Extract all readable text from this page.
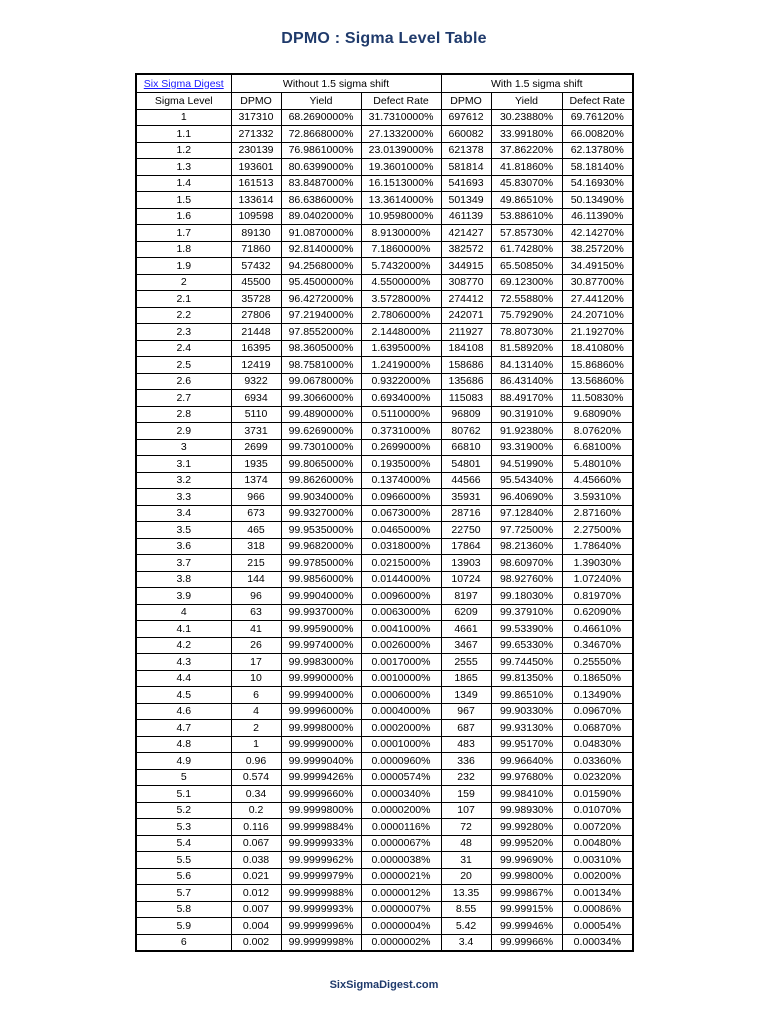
DPMO : Sigma Level Table
Six Sigma Digest	Without 1.5 sigma shift			With 1.5 sigma shift		
Sigma Level	DPMO	Yield	Defect Rate	DPMO	Yield	Defect Rate
1	317310	68.2690000%	31.7310000%	697612	30.23880%	69.76120%
1.1	271332	72.8668000%	27.1332000%	660082	33.99180%	66.00820%
1.2	230139	76.9861000%	23.0139000%	621378	37.86220%	62.13780%
1.3	193601	80.6399000%	19.3601000%	581814	41.81860%	58.18140%
1.4	161513	83.8487000%	16.1513000%	541693	45.83070%	54.16930%
1.5	133614	86.6386000%	13.3614000%	501349	49.86510%	50.13490%
1.6	109598	89.0402000%	10.9598000%	461139	53.88610%	46.11390%
1.7	89130	91.0870000%	8.9130000%	421427	57.85730%	42.14270%
1.8	71860	92.8140000%	7.1860000%	382572	61.74280%	38.25720%
1.9	57432	94.2568000%	5.7432000%	344915	65.50850%	34.49150%
2	45500	95.4500000%	4.5500000%	308770	69.12300%	30.87700%
2.1	35728	96.4272000%	3.5728000%	274412	72.55880%	27.44120%
2.2	27806	97.2194000%	2.7806000%	242071	75.79290%	24.20710%
2.3	21448	97.8552000%	2.1448000%	211927	78.80730%	21.19270%
2.4	16395	98.3605000%	1.6395000%	184108	81.58920%	18.41080%
2.5	12419	98.7581000%	1.2419000%	158686	84.13140%	15.86860%
2.6	9322	99.0678000%	0.9322000%	135686	86.43140%	13.56860%
2.7	6934	99.3066000%	0.6934000%	115083	88.49170%	11.50830%
2.8	5110	99.4890000%	0.5110000%	96809	90.31910%	9.68090%
2.9	3731	99.6269000%	0.3731000%	80762	91.92380%	8.07620%
3	2699	99.7301000%	0.2699000%	66810	93.31900%	6.68100%
3.1	1935	99.8065000%	0.1935000%	54801	94.51990%	5.48010%
3.2	1374	99.8626000%	0.1374000%	44566	95.54340%	4.45660%
3.3	966	99.9034000%	0.0966000%	35931	96.40690%	3.59310%
3.4	673	99.9327000%	0.0673000%	28716	97.12840%	2.87160%
3.5	465	99.9535000%	0.0465000%	22750	97.72500%	2.27500%
3.6	318	99.9682000%	0.0318000%	17864	98.21360%	1.78640%
3.7	215	99.9785000%	0.0215000%	13903	98.60970%	1.39030%
3.8	144	99.9856000%	0.0144000%	10724	98.92760%	1.07240%
3.9	96	99.9904000%	0.0096000%	8197	99.18030%	0.81970%
4	63	99.9937000%	0.0063000%	6209	99.37910%	0.62090%
4.1	41	99.9959000%	0.0041000%	4661	99.53390%	0.46610%
4.2	26	99.9974000%	0.0026000%	3467	99.65330%	0.34670%
4.3	17	99.9983000%	0.0017000%	2555	99.74450%	0.25550%
4.4	10	99.9990000%	0.0010000%	1865	99.81350%	0.18650%
4.5	6	99.9994000%	0.0006000%	1349	99.86510%	0.13490%
4.6	4	99.9996000%	0.0004000%	967	99.90330%	0.09670%
4.7	2	99.9998000%	0.0002000%	687	99.93130%	0.06870%
4.8	1	99.9999000%	0.0001000%	483	99.95170%	0.04830%
4.9	0.96	99.9999040%	0.0000960%	336	99.96640%	0.03360%
5	0.574	99.9999426%	0.0000574%	232	99.97680%	0.02320%
5.1	0.34	99.9999660%	0.0000340%	159	99.98410%	0.01590%
5.2	0.2	99.9999800%	0.0000200%	107	99.98930%	0.01070%
5.3	0.116	99.9999884%	0.0000116%	72	99.99280%	0.00720%
5.4	0.067	99.9999933%	0.0000067%	48	99.99520%	0.00480%
5.5	0.038	99.9999962%	0.0000038%	31	99.99690%	0.00310%
5.6	0.021	99.9999979%	0.0000021%	20	99.99800%	0.00200%
5.7	0.012	99.9999988%	0.0000012%	13.35	99.99867%	0.00134%
5.8	0.007	99.9999993%	0.0000007%	8.55	99.99915%	0.00086%
5.9	0.004	99.9999996%	0.0000004%	5.42	99.99946%	0.00054%
6	0.002	99.9999998%	0.0000002%	3.4	99.99966%	0.00034%
SixSigmaDigest.com
